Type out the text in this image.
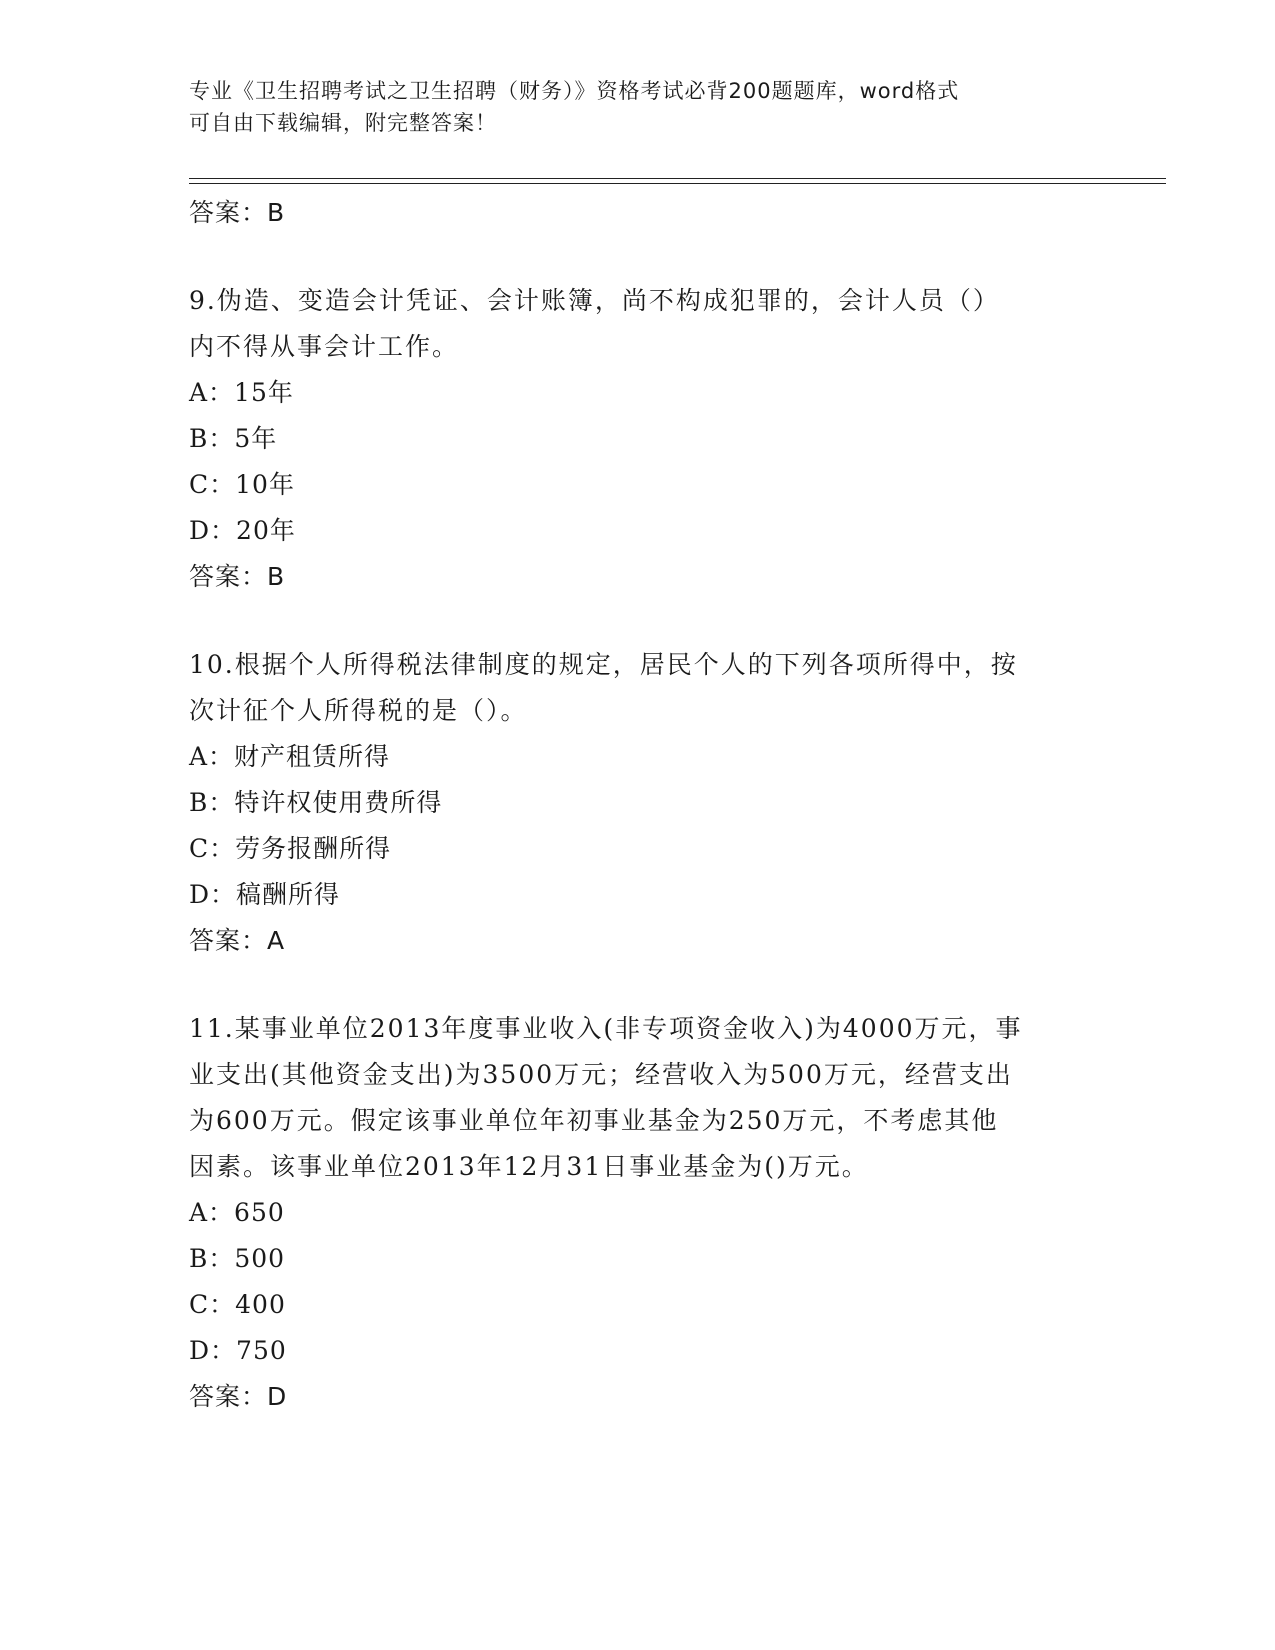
专业《卫生招聘考试之卫生招聘（财务）》资格考试必背200题题库，word格式
可自由下载编辑，附完整答案！
答案：B
9.伪造、变造会计凭证、会计账簿，尚不构成犯罪的，会计人员（）
内不得从事会计工作。
A：15年
B：5年
C：10年
D：20年
答案：B
10.根据个人所得税法律制度的规定，居民个人的下列各项所得中，按
次计征个人所得税的是（）。
A：财产租赁所得
B：特许权使用费所得
C：劳务报酬所得
D：稿酬所得
答案：A
11.某事业单位2013年度事业收入(非专项资金收入)为4000万元，事
业支出(其他资金支出)为3500万元；经营收入为500万元，经营支出
为600万元。假定该事业单位年初事业基金为250万元，不考虑其他
因素。该事业单位2013年12月31日事业基金为()万元。
A：650
B：500
C：400
D：750
答案：D
